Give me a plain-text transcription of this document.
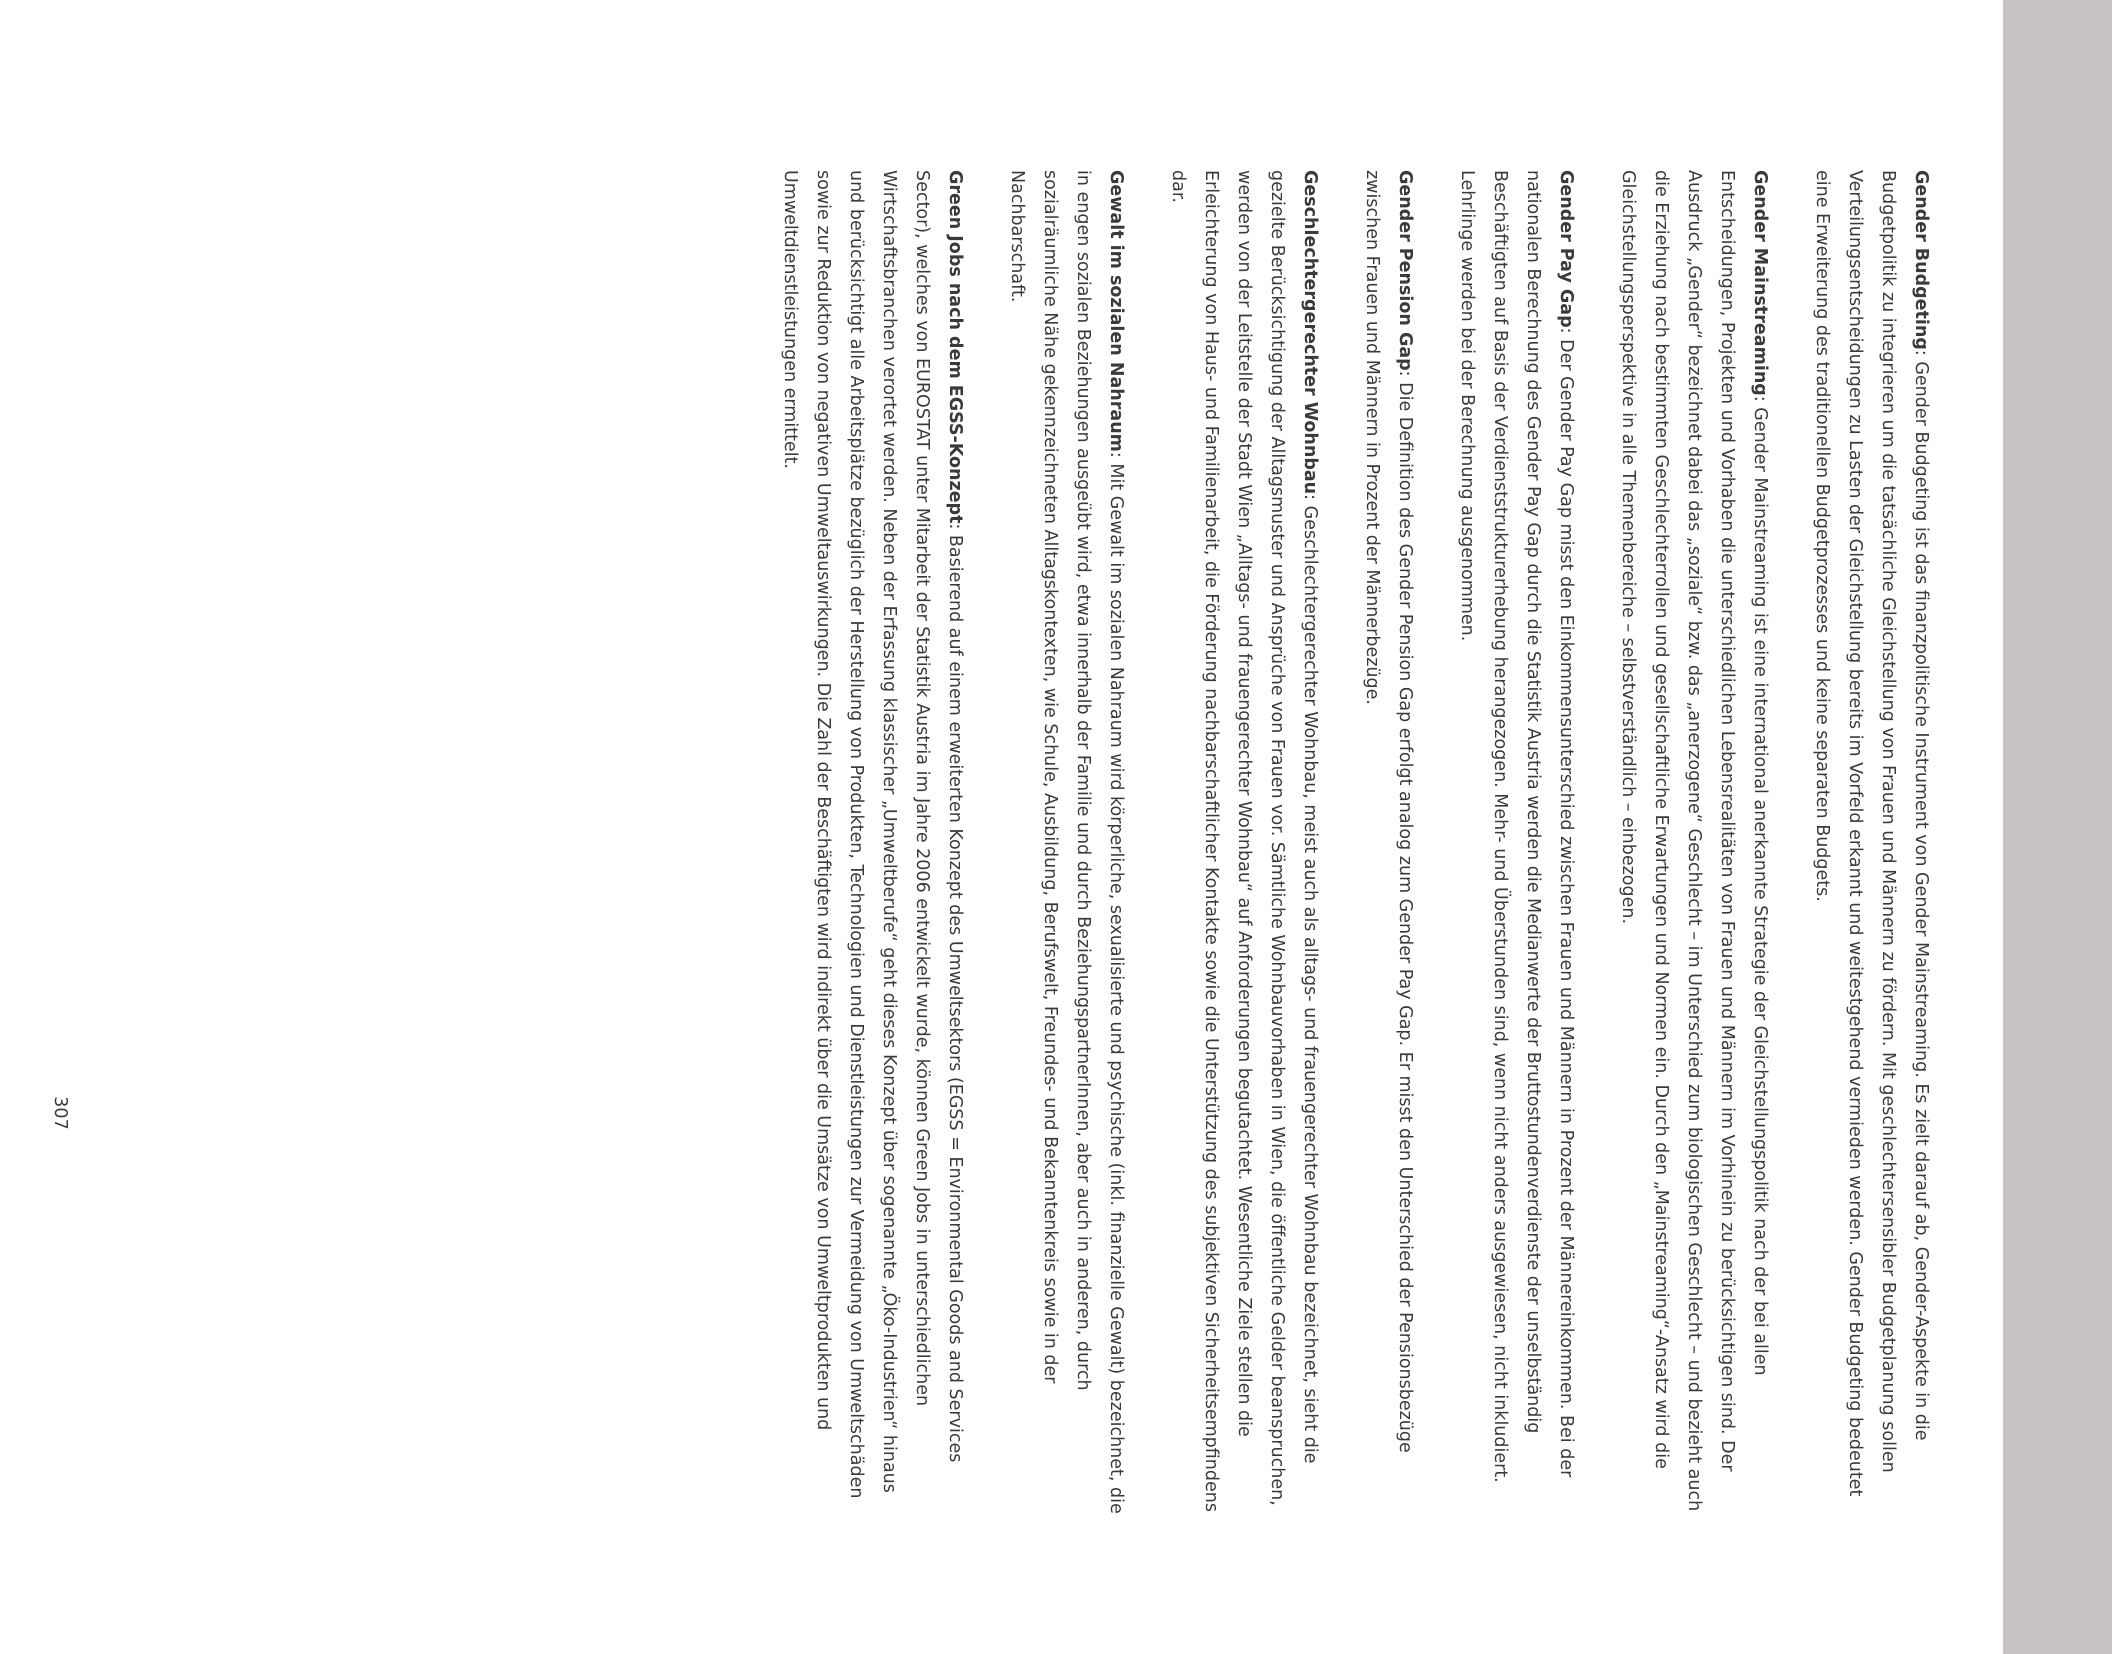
Gender Budgeting: Gender Budgeting ist das finanzpolitische Instrument von Gender Mainstreaming. Es zielt darauf ab, Gender-Aspekte in die Budgetpolitik zu integrieren um die tatsächliche Gleichstellung von Frauen und Männern zu fördern. Mit geschlechtersensibler Budgetplanung sollen Verteilungsentscheidungen zu Lasten der Gleichstellung bereits im Vorfeld erkannt und weitestgehend vermieden werden. Gender Budgeting bedeutet eine Erweiterung des traditionellen Budgetprozesses und keine separaten Budgets.

Gender Mainstreaming: Gender Mainstreaming ist eine international anerkannte Strategie der Gleichstellungspolitik nach der bei allen Entscheidungen, Projekten und Vorhaben die unterschiedlichen Lebensrealitäten von Frauen und Männern im Vorhinein zu berücksichtigen sind. Der Ausdruck „Gender“ bezeichnet dabei das „soziale“ bzw. das „anerzogene“ Geschlecht – im Unterschied zum biologischen Geschlecht – und bezieht auch die Erziehung nach bestimmten Geschlechterrollen und gesellschaftliche Erwartungen und Normen ein. Durch den „Mainstreaming“-Ansatz wird die Gleichstellungsperspektive in alle Themenbereiche – selbstverständlich – einbezogen.

Gender Pay Gap: Der Gender Pay Gap misst den Einkommensunterschied zwischen Frauen und Männern in Prozent der Männereinkommen. Bei der nationalen Berechnung des Gender Pay Gap durch die Statistik Austria werden die Medianwerte der Bruttostundenverdienste der unselbständig Beschäftigten auf Basis der Verdienststrukturerhebung herangezogen. Mehr- und Überstunden sind, wenn nicht anders ausgewiesen, nicht inkludiert. Lehrlinge werden bei der Berechnung ausgenommen.

Gender Pension Gap: Die Definition des Gender Pension Gap erfolgt analog zum Gender Pay Gap. Er misst den Unterschied der Pensionsbezüge zwischen Frauen und Männern in Prozent der Männerbezüge.

Geschlechtergerechter Wohnbau: Geschlechtergerechter Wohnbau, meist auch als alltags- und frauengerechter Wohnbau bezeichnet, sieht die gezielte Berücksichtigung der Alltagsmuster und Ansprüche von Frauen vor. Sämtliche Wohnbauvorhaben in Wien, die öffentliche Gelder beanspruchen, werden von der Leitstelle der Stadt Wien „Alltags- und frauengerechter Wohnbau“ auf Anforderungen begutachtet. Wesentliche Ziele stellen die Erleichterung von Haus- und Familienarbeit, die Förderung nachbarschaftlicher Kontakte sowie die Unterstützung des subjektiven Sicherheitsempfindens dar.

Gewalt im sozialen Nahraum: Mit Gewalt im sozialen Nahraum wird körperliche, sexualisierte und psychische (inkl. finanzielle Gewalt) bezeichnet, die in engen sozialen Beziehungen ausgeübt wird, etwa innerhalb der Familie und durch BeziehungspartnerInnen, aber auch in anderen, durch sozialräumliche Nähe gekennzeichneten Alltagskontexten, wie Schule, Ausbildung, Berufswelt, Freundes- und Bekanntenkreis sowie in der Nachbarschaft.

Green Jobs nach dem EGSS-Konzept: Basierend auf einem erweiterten Konzept des Umweltsektors (EGSS = Environmental Goods and Services Sector), welches von EUROSTAT unter Mitarbeit der Statistik Austria im Jahre 2006 entwickelt wurde, können Green Jobs in unterschiedlichen Wirtschaftsbranchen verortet werden. Neben der Erfassung klassischer „Umweltberufe“ geht dieses Konzept über sogenannte „Öko-Industrien“ hinaus und berücksichtigt alle Arbeitsplätze bezüglich der Herstellung von Produkten, Technologien und Dienstleistungen zur Vermeidung von Umweltschäden sowie zur Reduktion von negativen Umweltauswirkungen. Die Zahl der Beschäftigten wird indirekt über die Umsätze von Umweltprodukten und Umweltdienstleistungen ermittelt.

307
